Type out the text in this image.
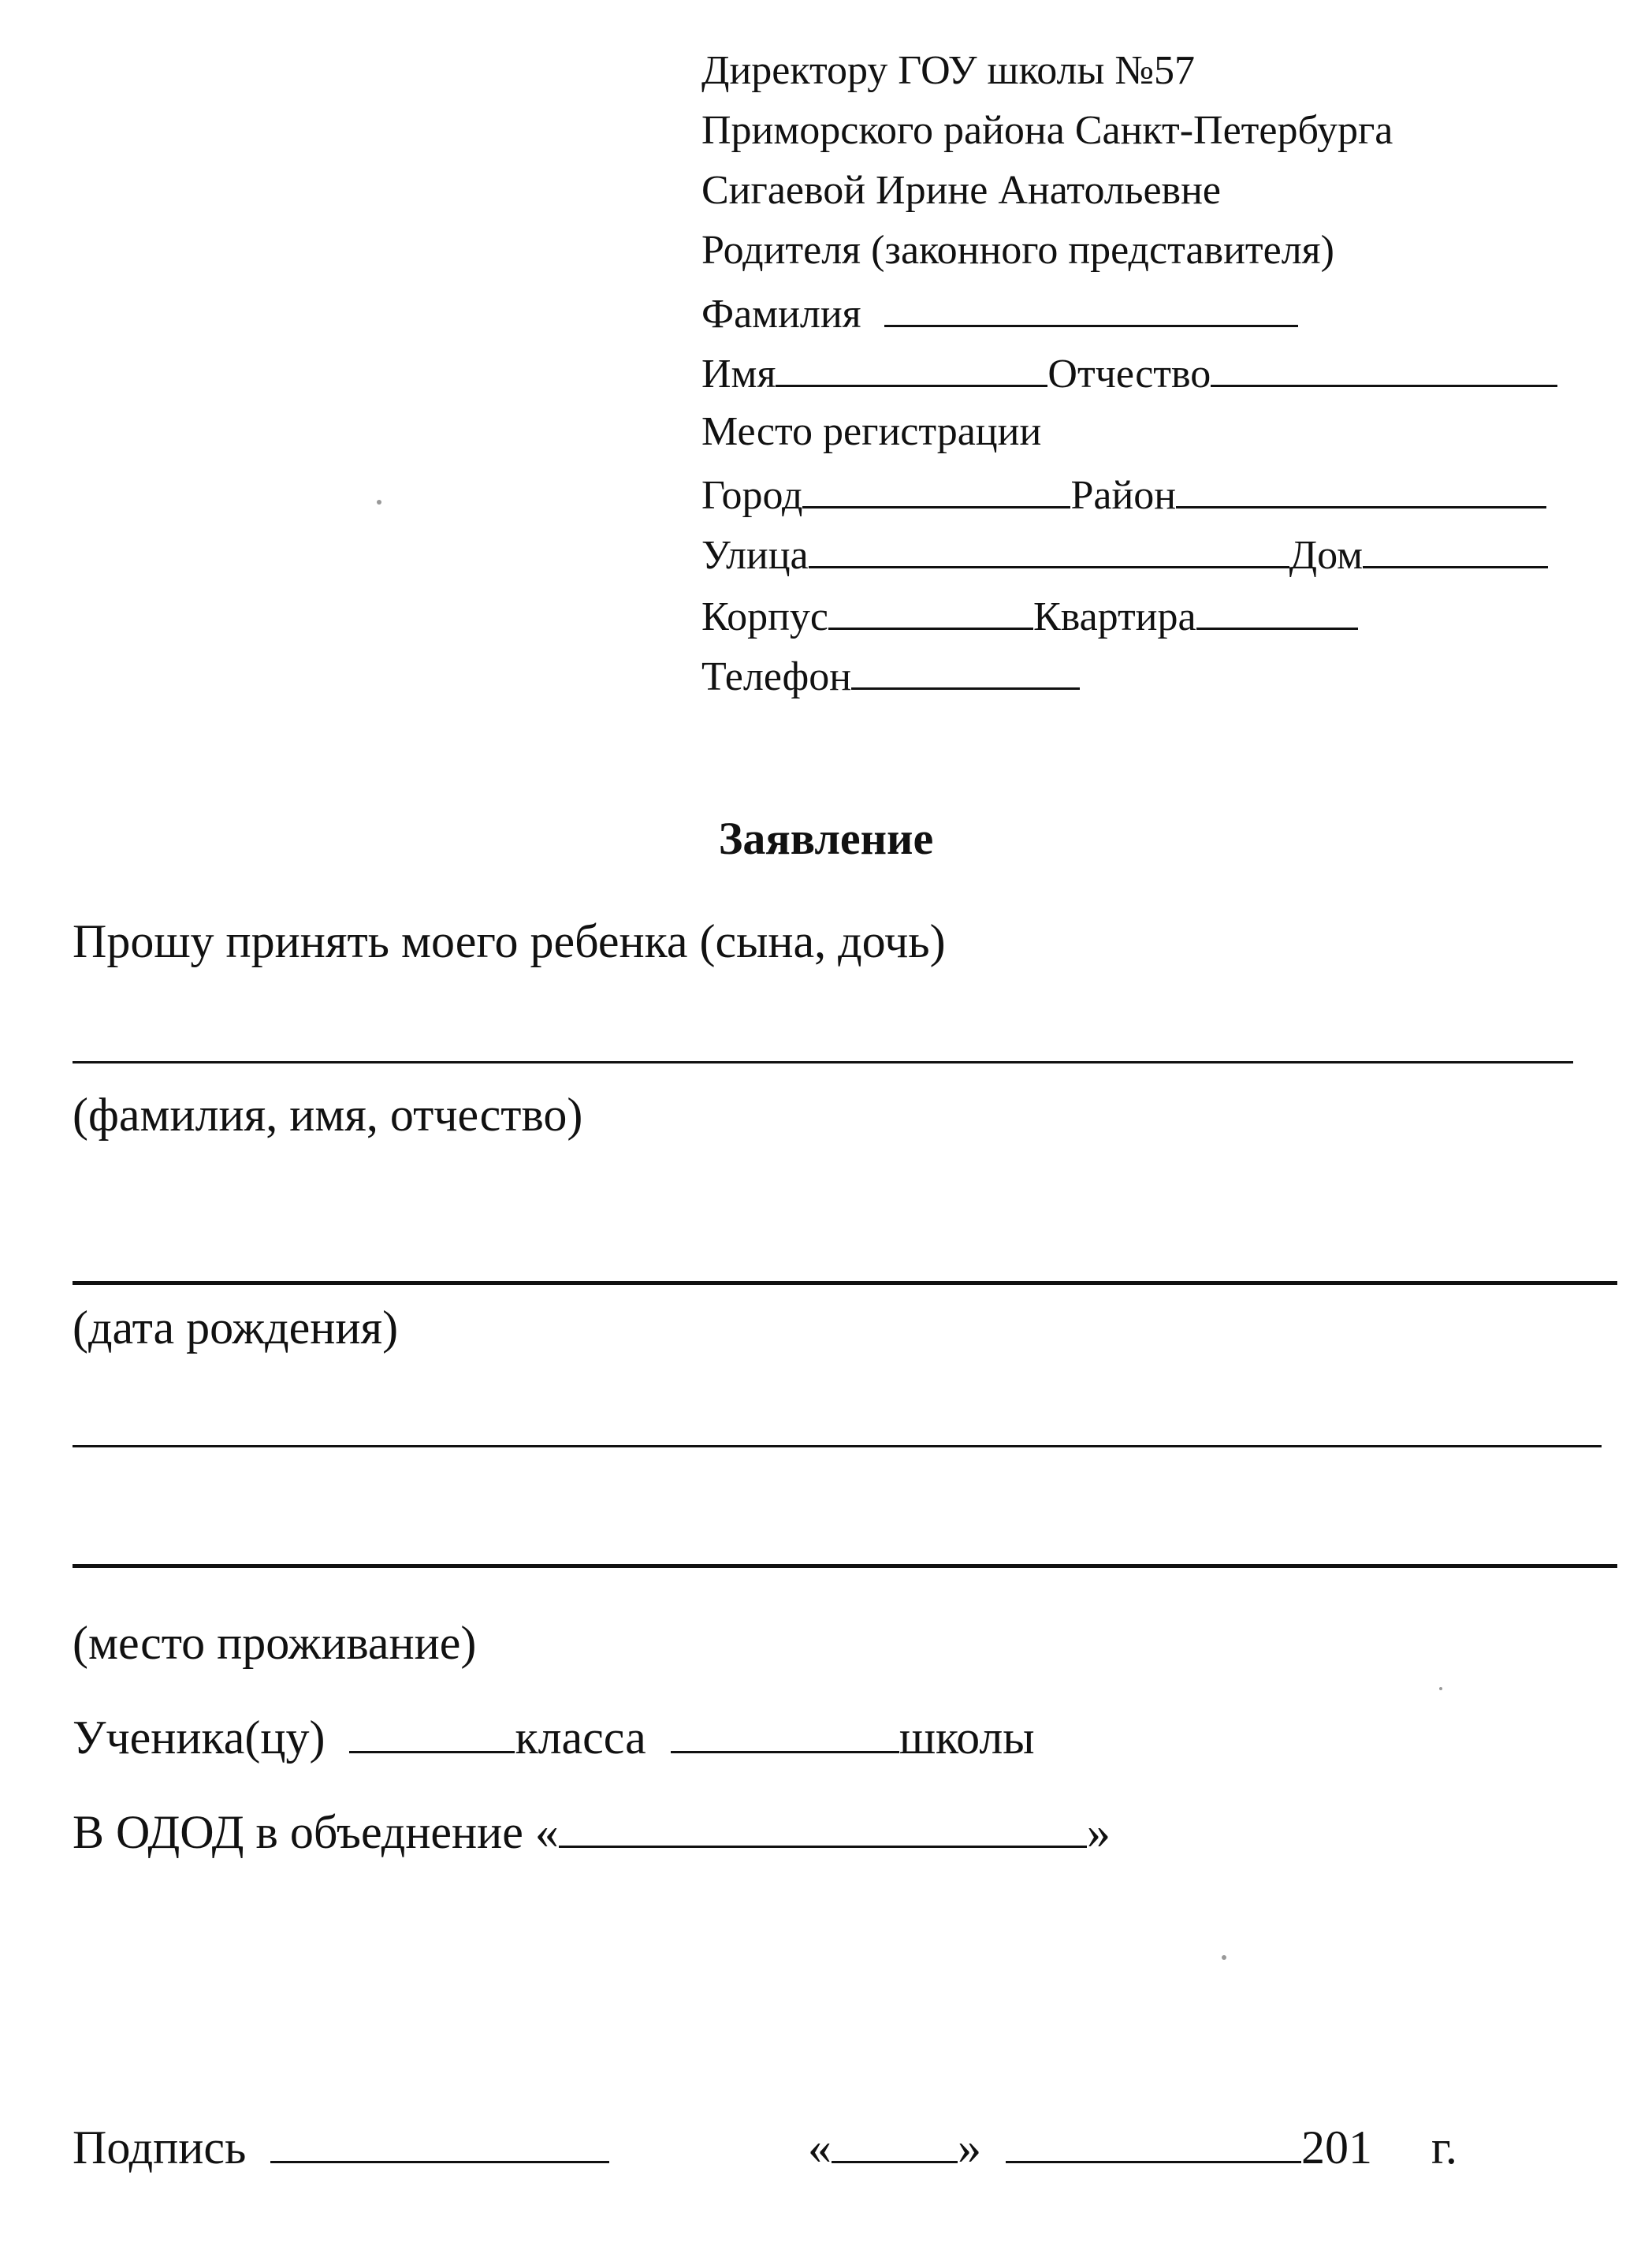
Директору ГОУ школы №57
Приморского района Санкт-Петербурга
Сигаевой Ирине Анатольевне
Родителя (законного представителя)
Фамилия
Имя	Отчество
Место регистрации
Город	Район
Улица	Дом
Корпус	Квартира
Телефон
Заявление
Прошу принять моего ребенка (сына, дочь)
(фамилия, имя, отчество)
(дата рождения)
(место проживание)
Ученика(цу)	класса	школы
В ОДОД в объеднение «	»
Подпись	«	»	201 г.
